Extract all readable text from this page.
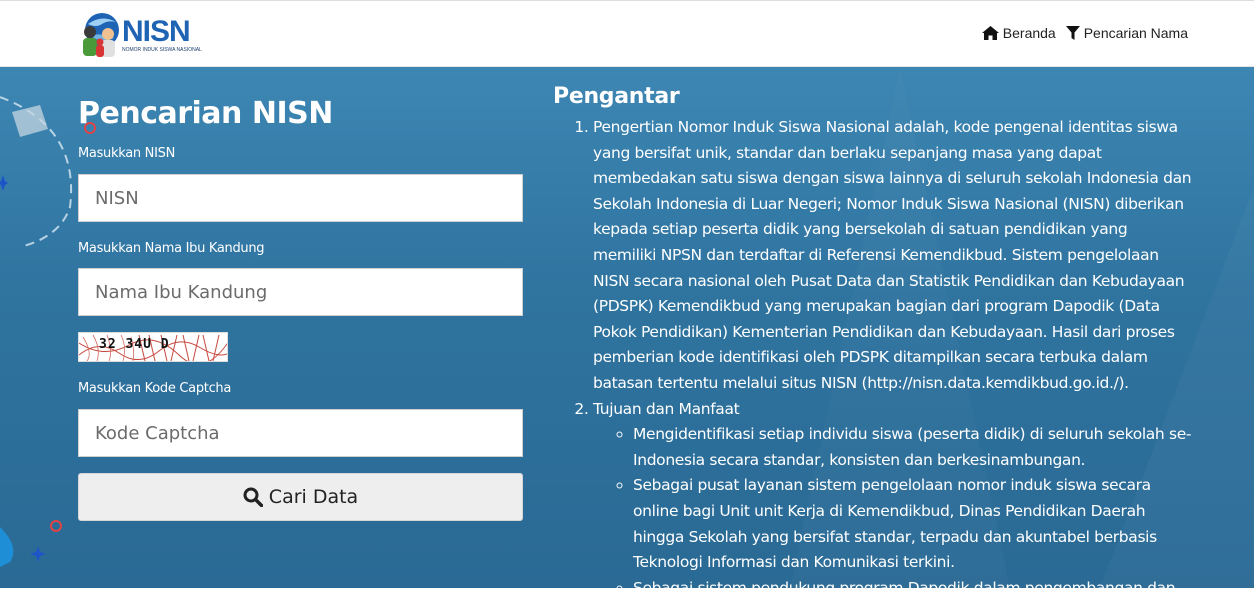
NISN
NOMOR INDUK SISWA NASIONAL
Beranda Pencarian Nama
Pencarian NISN
Masukkan NISN
NISN
Masukkan Nama Ibu Kandung
Nama Ibu Kandung
32 34U D
Masukkan Kode Captcha
Kode Captcha
Cari Data
Pengantar
1. Pengertian Nomor Induk Siswa Nasional adalah, kode pengenal identitas siswa yang bersifat unik, standar dan berlaku sepanjang masa yang dapat membedakan satu siswa dengan siswa lainnya di seluruh sekolah Indonesia dan Sekolah Indonesia di Luar Negeri; Nomor Induk Siswa Nasional (NISN) diberikan kepada setiap peserta didik yang bersekolah di satuan pendidikan yang memiliki NPSN dan terdaftar di Referensi Kemendikbud. Sistem pengelolaan NISN secara nasional oleh Pusat Data dan Statistik Pendidikan dan Kebudayaan (PDSPK) Kemendikbud yang merupakan bagian dari program Dapodik (Data Pokok Pendidikan) Kementerian Pendidikan dan Kebudayaan. Hasil dari proses pemberian kode identifikasi oleh PDSPK ditampilkan secara terbuka dalam batasan tertentu melalui situs NISN (http://nisn.data.kemdikbud.go.id./).
2. Tujuan dan Manfaat
◦ Mengidentifikasi setiap individu siswa (peserta didik) di seluruh sekolah se-Indonesia secara standar, konsisten dan berkesinambungan.
◦ Sebagai pusat layanan sistem pengelolaan nomor induk siswa secara online bagi Unit unit Kerja di Kemendikbud, Dinas Pendidikan Daerah hingga Sekolah yang bersifat standar, terpadu dan akuntabel berbasis Teknologi Informasi dan Komunikasi terkini.
◦ Sebagai sistem pendukung program Dapodik dalam pengembangan dan
